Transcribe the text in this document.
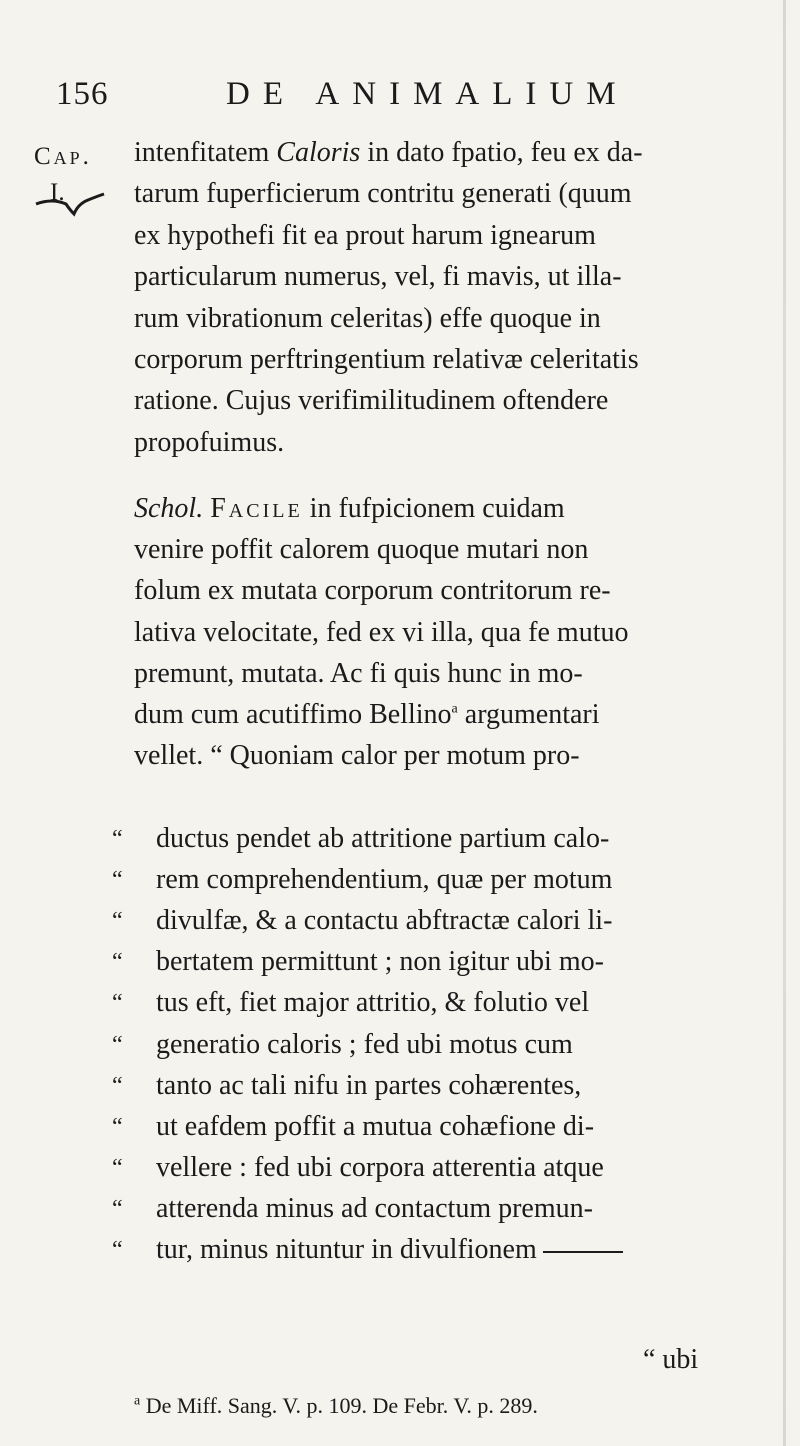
156	DE ANIMALIUM
Cap.
I.
intenfitatem Caloris in dato fpatio, feu ex da-
tarum fuperficierum contritu generati (quum
ex hypothefi fit ea prout harum ignearum
particularum numerus, vel, fi mavis, ut illa-
rum vibrationum celeritas) effe quoque in
corporum perftringentium relativæ celeritatis
ratione. Cujus verifimilitudinem oftendere
propofuimus.
Schol. Facile in fufpicionem cuidam
venire poffit calorem quoque mutari non
folum ex mutata corporum contritorum re-
lativa velocitate, fed ex vi illa, qua fe mutuo
premunt, mutata. Ac fi quis hunc in mo-
dum cum acutiffimo Bellino$^a$ argumentari
vellet. “ Quoniam calor per motum pro-
“ ductus pendet ab attritione partium calo-
“ rem comprehendentium, quæ per motum
“ divulfæ, & a contactu abftractæ calori li-
“ bertatem permittunt ; non igitur ubi mo-
“ tus eft, fiet major attritio, & folutio vel
“ generatio caloris ; fed ubi motus cum
“ tanto ac tali nifu in partes cohærentes,
“ ut eafdem poffit a mutua cohæfione di-
“ vellere : fed ubi corpora atterentia atque
“ atterenda minus ad contactum premun-
“ tur, minus nituntur in divulfionem
“ ubi
$^a$ De Miff. Sang. V. p. 109. De Febr. V. p. 289.
